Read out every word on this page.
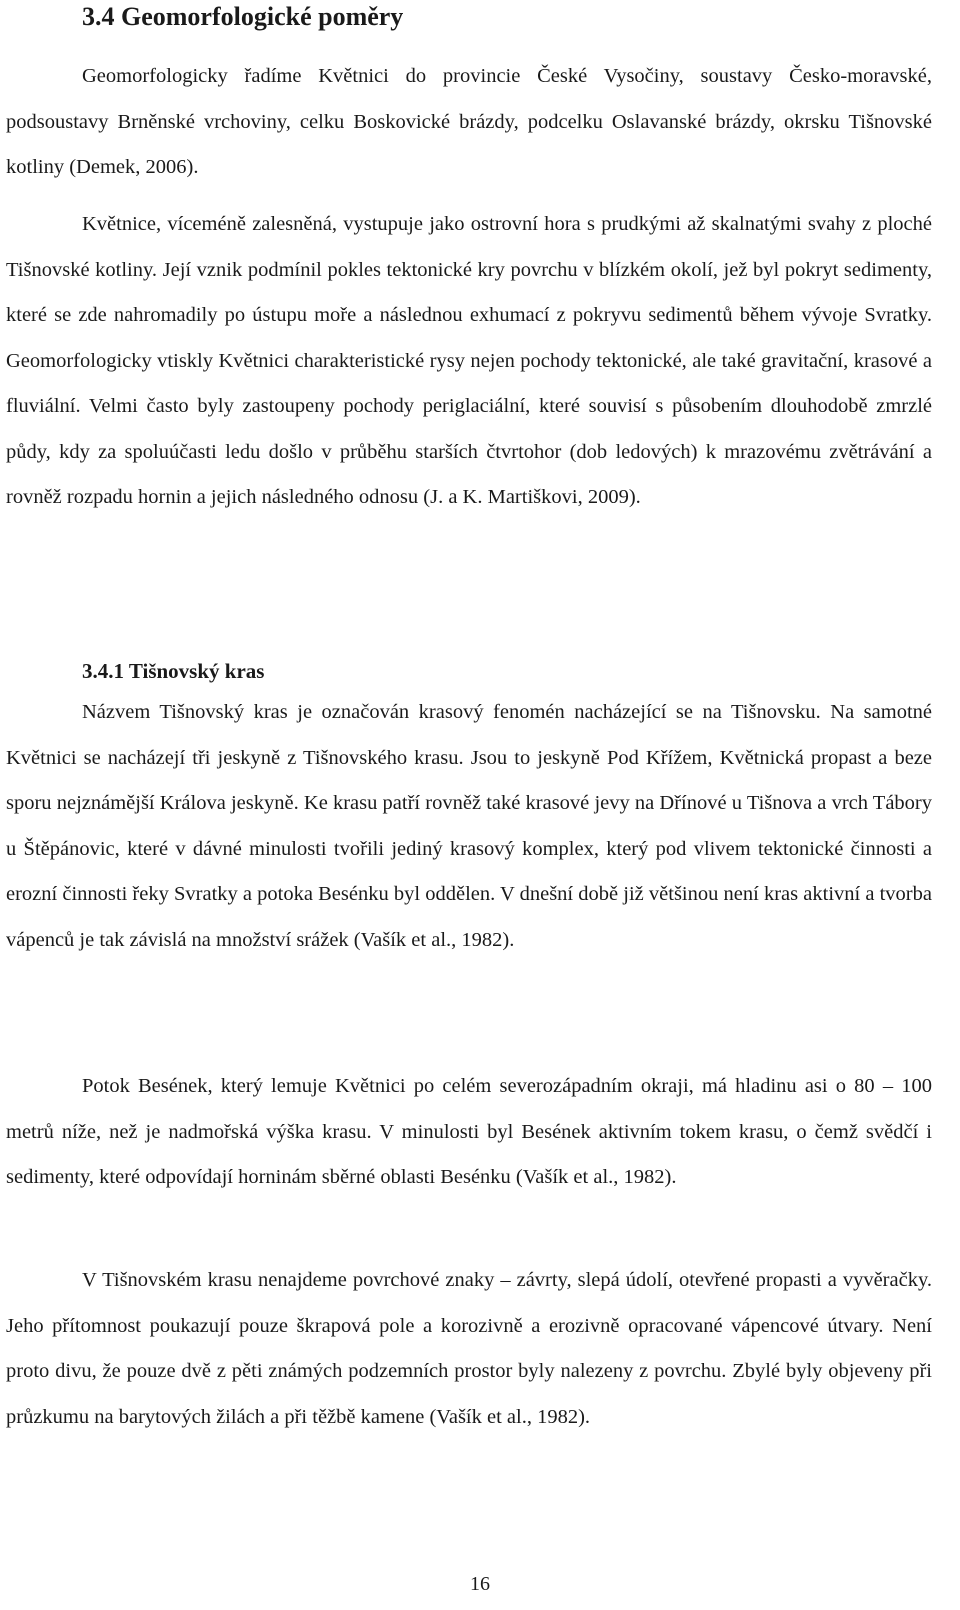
3.4 Geomorfologické poměry

Geomorfologicky řadíme Květnici do provincie České Vysočiny, soustavy Česko-moravské, podsoustavy Brněnské vrchoviny, celku Boskovické brázdy, podcelku Oslavanské brázdy, okrsku Tišnovské kotliny (Demek, 2006).

Květnice, víceméně zalesněná, vystupuje jako ostrovní hora s prudkými až skalnatými svahy z ploché Tišnovské kotliny. Její vznik podmínil pokles tektonické kry povrchu v blízkém okolí, jež byl pokryt sedimenty, které se zde nahromadily po ústupu moře a následnou exhumací z pokryvu sedimentů během vývoje Svratky. Geomorfologicky vtiskly Květnici charakteristické rysy nejen pochody tektonické, ale také gravitační, krasové a fluviální. Velmi často byly zastoupeny pochody periglaciální, které souvisí s působením dlouhodobě zmrzlé půdy, kdy za spoluúčasti ledu došlo v průběhu starších čtvrtohor (dob ledových) k mrazovému zvětrávání a rovněž rozpadu hornin a jejich následného odnosu (J. a K. Martiškovi, 2009).

3.4.1 Tišnovský kras

Názvem Tišnovský kras je označován krasový fenomén nacházející se na Tišnovsku. Na samotné Květnici se nacházejí tři jeskyně z Tišnovského krasu. Jsou to jeskyně Pod Křížem, Květnická propast a beze sporu nejznámější Králova jeskyně. Ke krasu patří rovněž také krasové jevy na Dřínové u Tišnova a vrch Tábory u Štěpánovic, které v dávné minulosti tvořili jediný krasový komplex, který pod vlivem tektonické činnosti a erozní činnosti řeky Svratky a potoka Besénku byl oddělen. V dnešní době již většinou není kras aktivní a tvorba vápenců je tak závislá na množství srážek (Vašík et al., 1982).

Potok Besének, který lemuje Květnici po celém severozápadním okraji, má hladinu asi o 80 – 100 metrů níže, než je nadmořská výška krasu. V minulosti byl Besének aktivním tokem krasu, o čemž svědčí i sedimenty, které odpovídají horninám sběrné oblasti Besénku (Vašík et al., 1982).

V Tišnovském krasu nenajdeme povrchové znaky – závrty, slepá údolí, otevřené propasti a vyvěračky. Jeho přítomnost poukazují pouze škrapová pole a korozivně a erozivně opracované vápencové útvary. Není proto divu, že pouze dvě z pěti známých podzemních prostor byly nalezeny z povrchu. Zbylé byly objeveny při průzkumu na barytových žilách a při těžbě kamene (Vašík et al., 1982).

16
